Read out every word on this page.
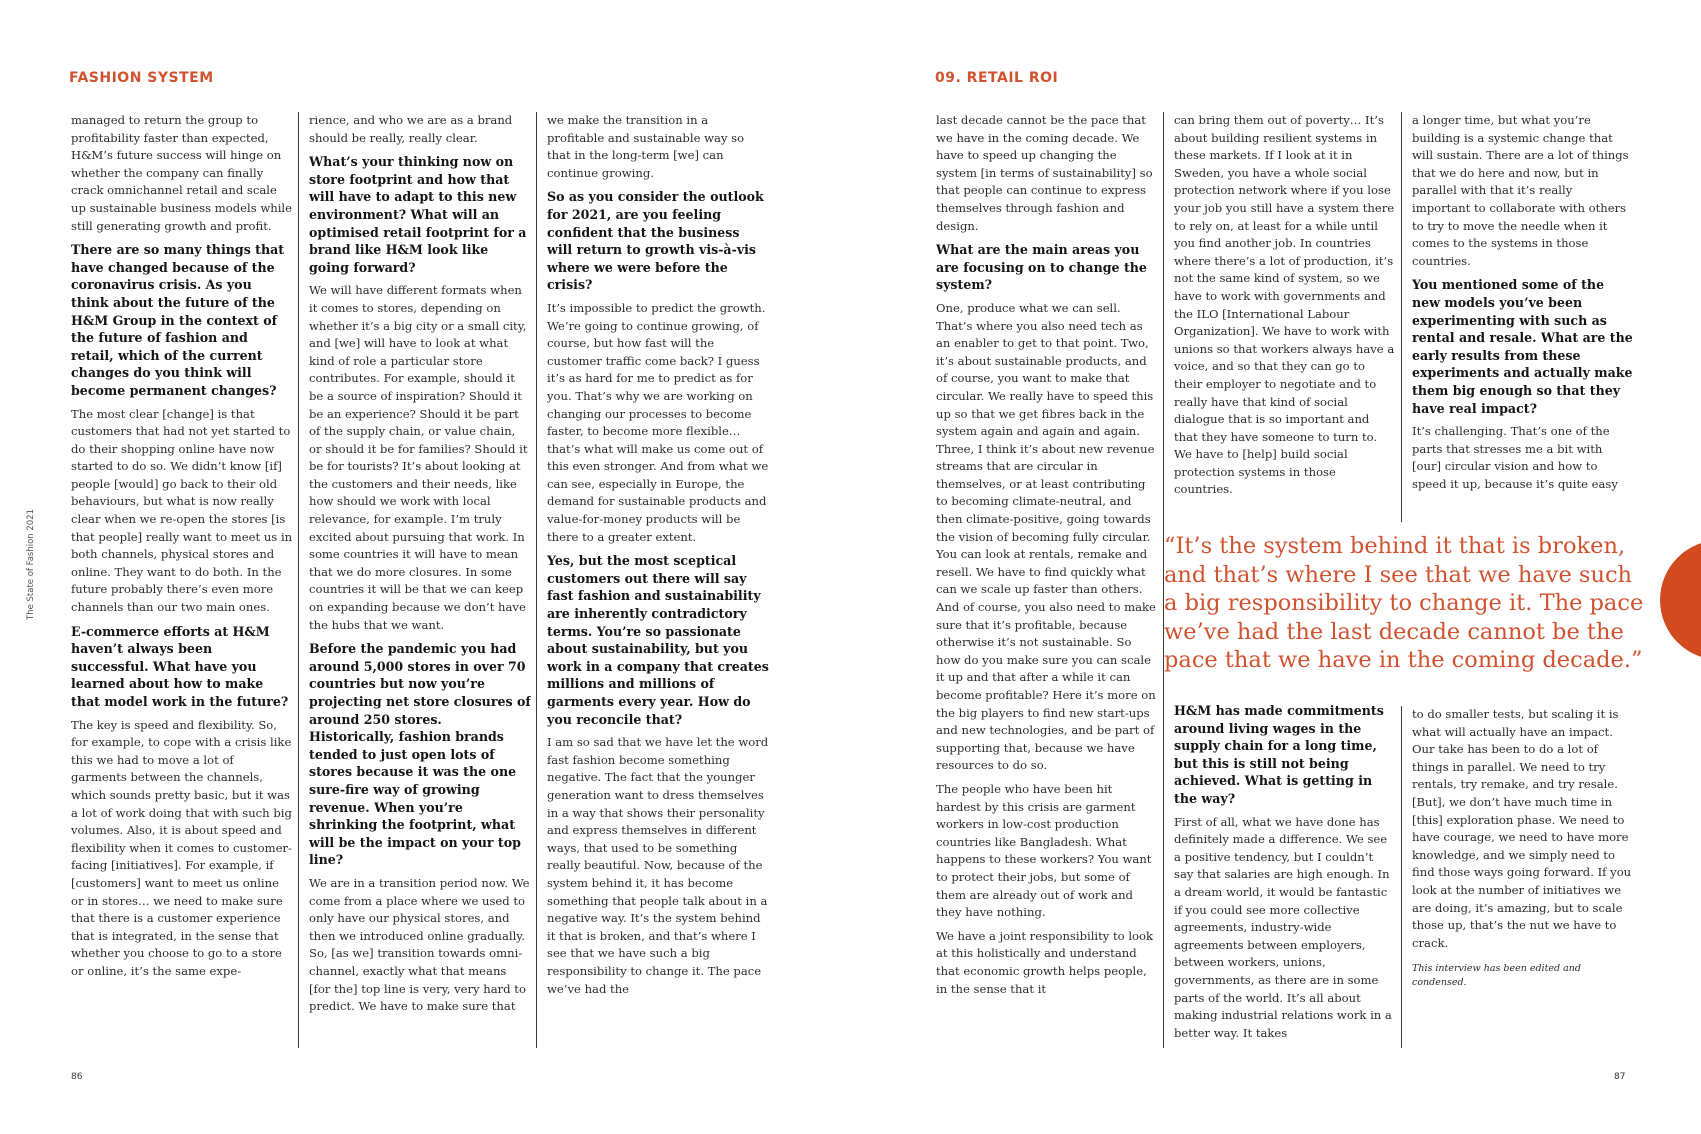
FASHION SYSTEM
The State of Fashion 2021

managed to return the group to profitability faster than expected, H&M’s future success will hinge on whether the company can finally crack omnichannel retail and scale up sustainable business models while still generating growth and profit.

There are so many things that have changed because of the coronavirus crisis. As you think about the future of the H&M Group in the context of the future of fashion and retail, which of the current changes do you think will become permanent changes?

The most clear [change] is that customers that had not yet started to do their shopping online have now started to do so. We didn’t know [if] people [would] go back to their old behaviours, but what is now really clear when we re-open the stores [is that people] really want to meet us in both channels, physical stores and online. They want to do both. In the future probably there’s even more channels than our two main ones.

E-commerce efforts at H&M haven’t always been successful. What have you learned about how to make that model work in the future?

The key is speed and flexibility. So, for example, to cope with a crisis like this we had to move a lot of garments between the channels, which sounds pretty basic, but it was a lot of work doing that with such big volumes. Also, it is about speed and flexibility when it comes to customer-facing [initiatives]. For example, if [customers] want to meet us online or in stores… we need to make sure that there is a customer experience that is integrated, in the sense that whether you choose to go to a store or online, it’s the same expe-

rience, and who we are as a brand should be really, really clear.

What’s your thinking now on store footprint and how that will have to adapt to this new environment? What will an optimised retail footprint for a brand like H&M look like going forward?

We will have different formats when it comes to stores, depending on whether it’s a big city or a small city, and [we] will have to look at what kind of role a particular store contributes. For example, should it be a source of inspiration? Should it be an experience? Should it be part of the supply chain, or value chain, or should it be for families? Should it be for tourists? It’s about looking at the customers and their needs, like how should we work with local relevance, for example. I’m truly excited about pursuing that work. In some countries it will have to mean that we do more closures. In some countries it will be that we can keep on expanding because we don’t have the hubs that we want.

Before the pandemic you had around 5,000 stores in over 70 countries but now you’re projecting net store closures of around 250 stores. Historically, fashion brands tended to just open lots of stores because it was the one sure-fire way of growing revenue. When you’re shrinking the footprint, what will be the impact on your top line?

We are in a transition period now. We come from a place where we used to only have our physical stores, and then we introduced online gradually. So, [as we] transition towards omni-channel, exactly what that means [for the] top line is very, very hard to predict. We have to make sure that

we make the transition in a profitable and sustainable way so that in the long-term [we] can continue growing.

So as you consider the outlook for 2021, are you feeling confident that the business will return to growth vis-à-vis where we were before the crisis?

It’s impossible to predict the growth. We’re going to continue growing, of course, but how fast will the customer traffic come back? I guess it’s as hard for me to predict as for you. That’s why we are working on changing our processes to become faster, to become more flexible… that’s what will make us come out of this even stronger. And from what we can see, especially in Europe, the demand for sustainable products and value-for-money products will be there to a greater extent.

Yes, but the most sceptical customers out there will say fast fashion and sustainability are inherently contradictory terms. You’re so passionate about sustainability, but you work in a company that creates millions and millions of garments every year. How do you reconcile that?

I am so sad that we have let the word fast fashion become something negative. The fact that the younger generation want to dress themselves in a way that shows their personality and express themselves in different ways, that used to be something really beautiful. Now, because of the system behind it, it has become something that people talk about in a negative way. It’s the system behind it that is broken, and that’s where I see that we have such a big responsibility to change it. The pace we’ve had the

86
09. RETAIL ROI

last decade cannot be the pace that we have in the coming decade. We have to speed up changing the system [in terms of sustainability] so that people can continue to express themselves through fashion and design.

What are the main areas you are focusing on to change the system?

One, produce what we can sell. That’s where you also need tech as an enabler to get to that point. Two, it’s about sustainable products, and of course, you want to make that circular. We really have to speed this up so that we get fibres back in the system again and again and again. Three, I think it’s about new revenue streams that are circular in themselves, or at least contributing to becoming climate-neutral, and then climate-positive, going towards the vision of becoming fully circular. You can look at rentals, remake and resell. We have to find quickly what can we scale up faster than others. And of course, you also need to make sure that it’s profitable, because otherwise it’s not sustainable. So how do you make sure you can scale it up and that after a while it can become profitable? Here it’s more on the big players to find new start-ups and new technologies, and be part of supporting that, because we have resources to do so.

The people who have been hit hardest by this crisis are garment workers in low-cost production countries like Bangladesh. What happens to these workers? You want to protect their jobs, but some of them are already out of work and they have nothing.

We have a joint responsibility to look at this holistically and understand that economic growth helps people, in the sense that it

can bring them out of poverty… It’s about building resilient systems in these markets. If I look at it in Sweden, you have a whole social protection network where if you lose your job you still have a system there to rely on, at least for a while until you find another job. In countries where there’s a lot of production, it’s not the same kind of system, so we have to work with governments and the ILO [International Labour Organization]. We have to work with unions so that workers always have a voice, and so that they can go to their employer to negotiate and to really have that kind of social dialogue that is so important and that they have someone to turn to. We have to [help] build social protection systems in those countries.

a longer time, but what you’re building is a systemic change that will sustain. There are a lot of things that we do here and now, but in parallel with that it’s really important to collaborate with others to try to move the needle when it comes to the systems in those countries.

You mentioned some of the new models you’ve been experimenting with such as rental and resale. What are the early results from these experiments and actually make them big enough so that they have real impact?

It’s challenging. That’s one of the parts that stresses me a bit with [our] circular vision and how to speed it up, because it’s quite easy

“It’s the system behind it that is broken, and that’s where I see that we have such a big responsibility to change it. The pace we’ve had the last decade cannot be the pace that we have in the coming decade.”

H&M has made commitments around living wages in the supply chain for a long time, but this is still not being achieved. What is getting in the way?

First of all, what we have done has definitely made a difference. We see a positive tendency, but I couldn’t say that salaries are high enough. In a dream world, it would be fantastic if you could see more collective agreements, industry-wide agreements between employers, between workers, unions, governments, as there are in some parts of the world. It’s all about making industrial relations work in a better way. It takes

to do smaller tests, but scaling it is what will actually have an impact. Our take has been to do a lot of things in parallel. We need to try rentals, try remake, and try resale. [But], we don’t have much time in [this] exploration phase. We need to have courage, we need to have more knowledge, and we simply need to find those ways going forward. If you look at the number of initiatives we are doing, it’s amazing, but to scale those up, that’s the nut we have to crack.

This interview has been edited and condensed.

87
